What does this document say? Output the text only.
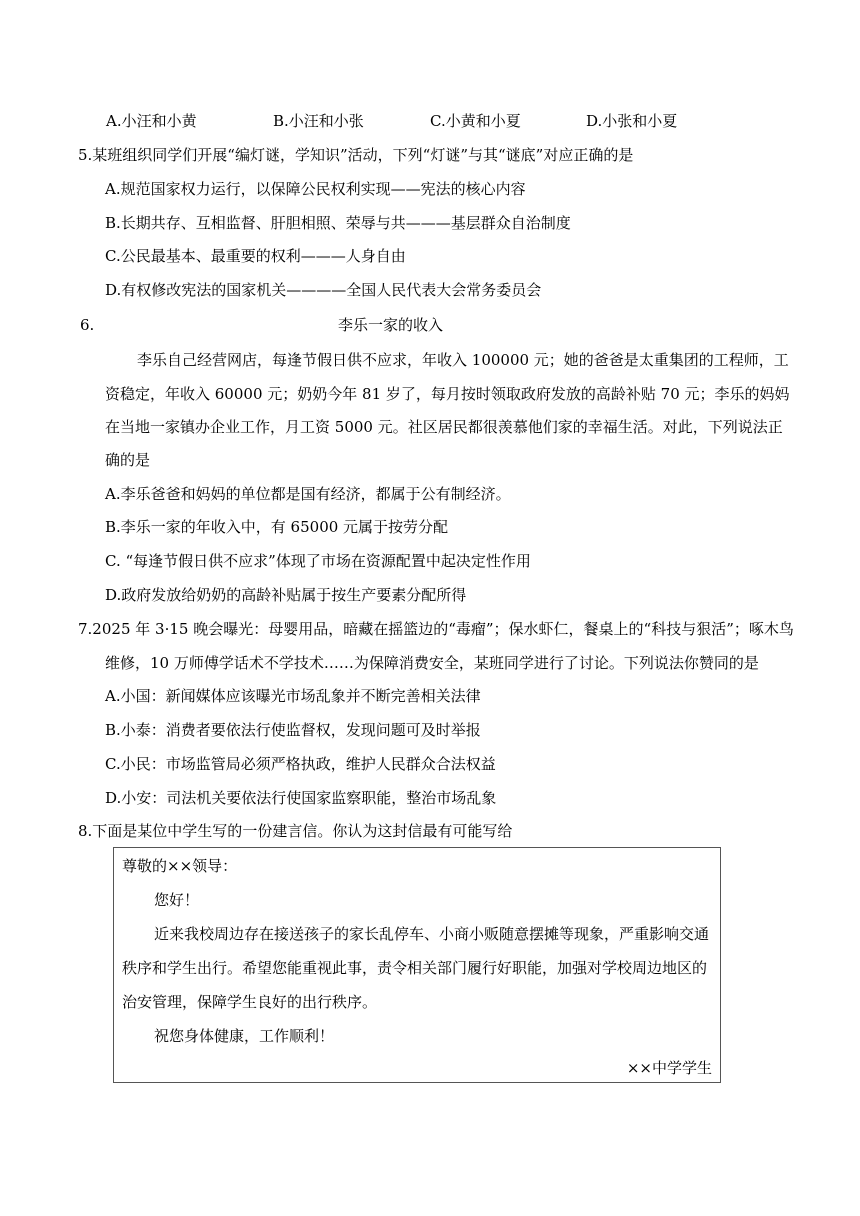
A.小汪和小黄	B.小汪和小张	C.小黄和小夏	D.小张和小夏
5.某班组织同学们开展“编灯谜，学知识”活动，下列“灯谜”与其“谜底”对应正确的是
A.规范国家权力运行，以保障公民权利实现——宪法的核心内容
B.长期共存、互相监督、肝胆相照、荣辱与共———基层群众自治制度
C.公民最基本、最重要的权利———人身自由
D.有权修改宪法的国家机关————全国人民代表大会常务委员会
6.	李乐一家的收入
李乐自己经营网店，每逢节假日供不应求，年收入 100000 元；她的爸爸是太重集团的工程师，工
资稳定，年收入 60000 元；奶奶今年 81 岁了，每月按时领取政府发放的高龄补贴 70 元；李乐的妈妈
在当地一家镇办企业工作，月工资 5000 元。社区居民都很羡慕他们家的幸福生活。对此，下列说法正
确的是
A.李乐爸爸和妈妈的单位都是国有经济，都属于公有制经济。
B.李乐一家的年收入中，有 65000 元属于按劳分配
C. “每逢节假日供不应求”体现了市场在资源配置中起决定性作用
D.政府发放给奶奶的高龄补贴属于按生产要素分配所得
7.2025 年 3·15 晚会曝光：母婴用品，暗藏在摇篮边的“毒瘤”；保水虾仁，餐桌上的“科技与狠活”；啄木鸟
维修，10 万师傅学话术不学技术……为保障消费安全，某班同学进行了讨论。下列说法你赞同的是
A.小国：新闻媒体应该曝光市场乱象并不断完善相关法律
B.小泰：消费者要依法行使监督权，发现问题可及时举报
C.小民：市场监管局必须严格执政，维护人民群众合法权益
D.小安：司法机关要依法行使国家监察职能，整治市场乱象
8.下面是某位中学生写的一份建言信。你认为这封信最有可能写给
尊敬的××领导：
您好！
近来我校周边存在接送孩子的家长乱停车、小商小贩随意摆摊等现象，严重影响交通
秩序和学生出行。希望您能重视此事，责令相关部门履行好职能，加强对学校周边地区的
治安管理，保障学生良好的出行秩序。
祝您身体健康，工作顺利！
××中学学生
